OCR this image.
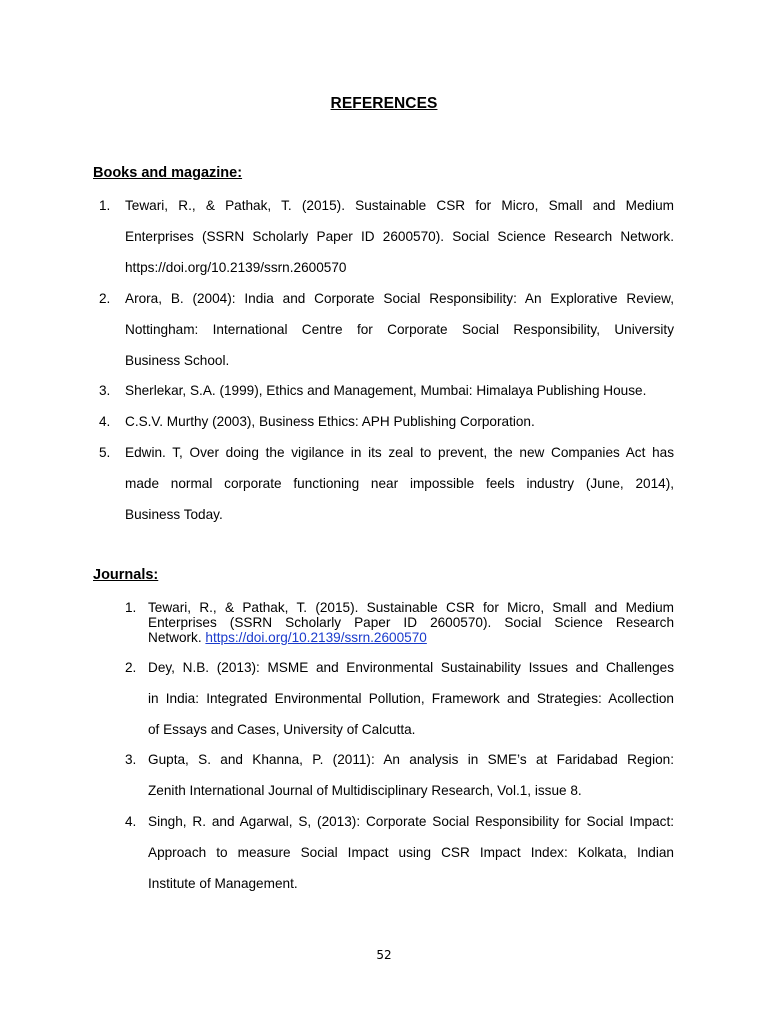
REFERENCES
Books and magazine:
1. Tewari, R., & Pathak, T. (2015). Sustainable CSR for Micro, Small and Medium
Enterprises (SSRN Scholarly Paper ID 2600570). Social Science Research Network.
https://doi.org/10.2139/ssrn.2600570
2. Arora, B. (2004): India and Corporate Social Responsibility: An Explorative Review,
Nottingham: International Centre for Corporate Social Responsibility, University
Business School.
3. Sherlekar, S.A. (1999), Ethics and Management, Mumbai: Himalaya Publishing House.
4. C.S.V. Murthy (2003), Business Ethics: APH Publishing Corporation.
5. Edwin. T, Over doing the vigilance in its zeal to prevent, the new Companies Act has
made normal corporate functioning near impossible feels industry (June, 2014),
Business Today.
Journals:
1. Tewari, R., & Pathak, T. (2015). Sustainable CSR for Micro, Small and Medium
Enterprises (SSRN Scholarly Paper ID 2600570). Social Science Research
Network. https://doi.org/10.2139/ssrn.2600570
2. Dey, N.B. (2013): MSME and Environmental Sustainability Issues and Challenges
in India: Integrated Environmental Pollution, Framework and Strategies: Acollection
of Essays and Cases, University of Calcutta.
3. Gupta, S. and Khanna, P. (2011): An analysis in SME’s at Faridabad Region:
Zenith International Journal of Multidisciplinary Research, Vol.1, issue 8.
4. Singh, R. and Agarwal, S, (2013): Corporate Social Responsibility for Social Impact:
Approach to measure Social Impact using CSR Impact Index: Kolkata, Indian
Institute of Management.
52
